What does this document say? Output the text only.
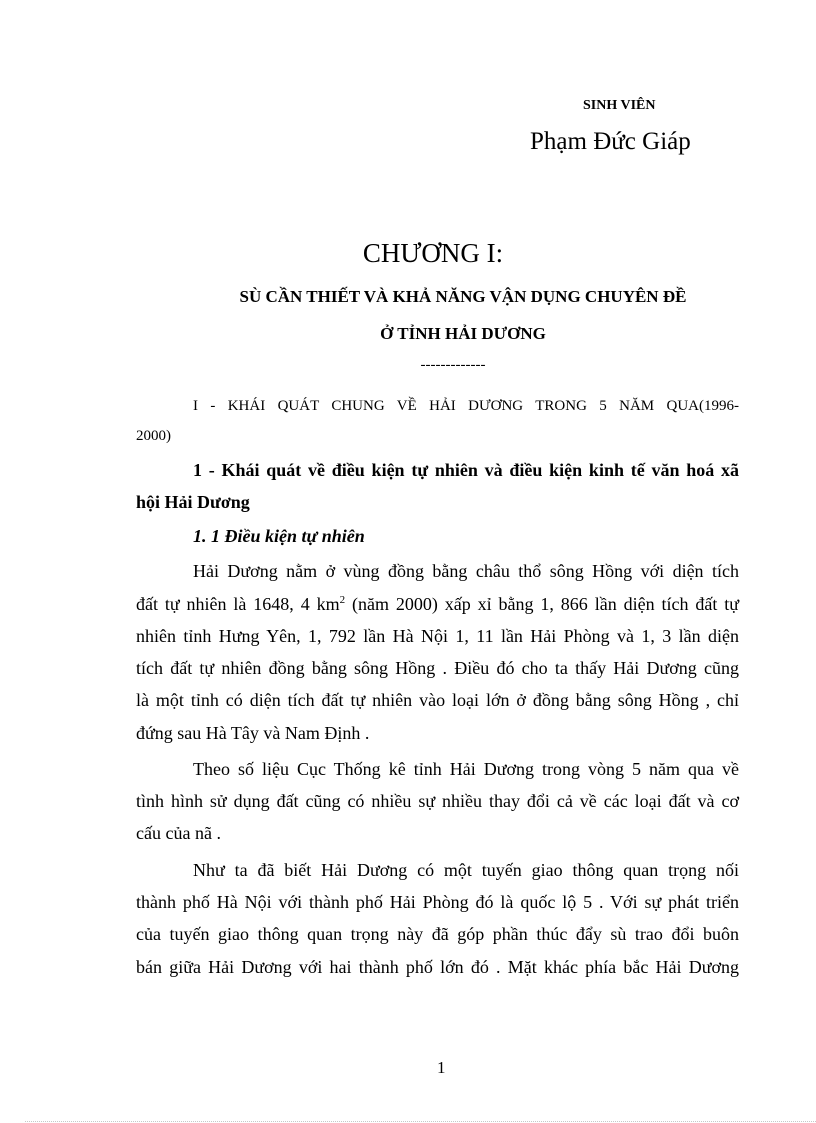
SINH VIÊN
Phạm Đức Giáp
CHƯƠNG I:
SÙ CẦN THIẾT VÀ KHẢ NĂNG VẬN DỤNG CHUYÊN ĐỀ
Ở TỈNH HẢI DƯƠNG
-------------
I - KHÁI QUÁT CHUNG VỀ HẢI DƯƠNG TRONG 5 NĂM QUA(1996-
2000)
1 - Khái quát về điều kiện tự nhiên và điều kiện kinh tế văn hoá xã
hội Hải Dương
1. 1 Điều kiện tự nhiên
Hải Dương nằm ở vùng đồng bằng châu thổ sông Hồng với diện tích
đất tự nhiên là 1648, 4 $km^2$ (năm 2000) xấp xỉ bằng 1, 866 lần diện tích đất tự
nhiên tỉnh Hưng Yên, 1, 792 lần Hà Nội 1, 11 lần Hải Phòng và 1, 3 lần diện
tích đất tự nhiên đồng bằng sông Hồng . Điều đó cho ta thấy Hải Dương cũng
là một tỉnh có diện tích đất tự nhiên vào loại lớn ở đồng bằng sông Hồng , chỉ
đứng sau Hà Tây và Nam Định .
Theo số liệu Cục Thống kê tỉnh Hải Dương trong vòng 5 năm qua về
tình hình sử dụng đất cũng có nhiều sự nhiều thay đổi cả về các loại đất và cơ
cấu của nã .
Như ta đã biết Hải Dương có một tuyến giao thông quan trọng nối
thành phố Hà Nội với thành phố Hải Phòng đó là quốc lộ 5 . Với sự phát triển
của tuyến giao thông quan trọng này đã góp phần thúc đẩy sù trao đổi buôn
bán giữa Hải Dương với hai thành phố lớn đó . Mặt khác phía bắc Hải Dương
1
